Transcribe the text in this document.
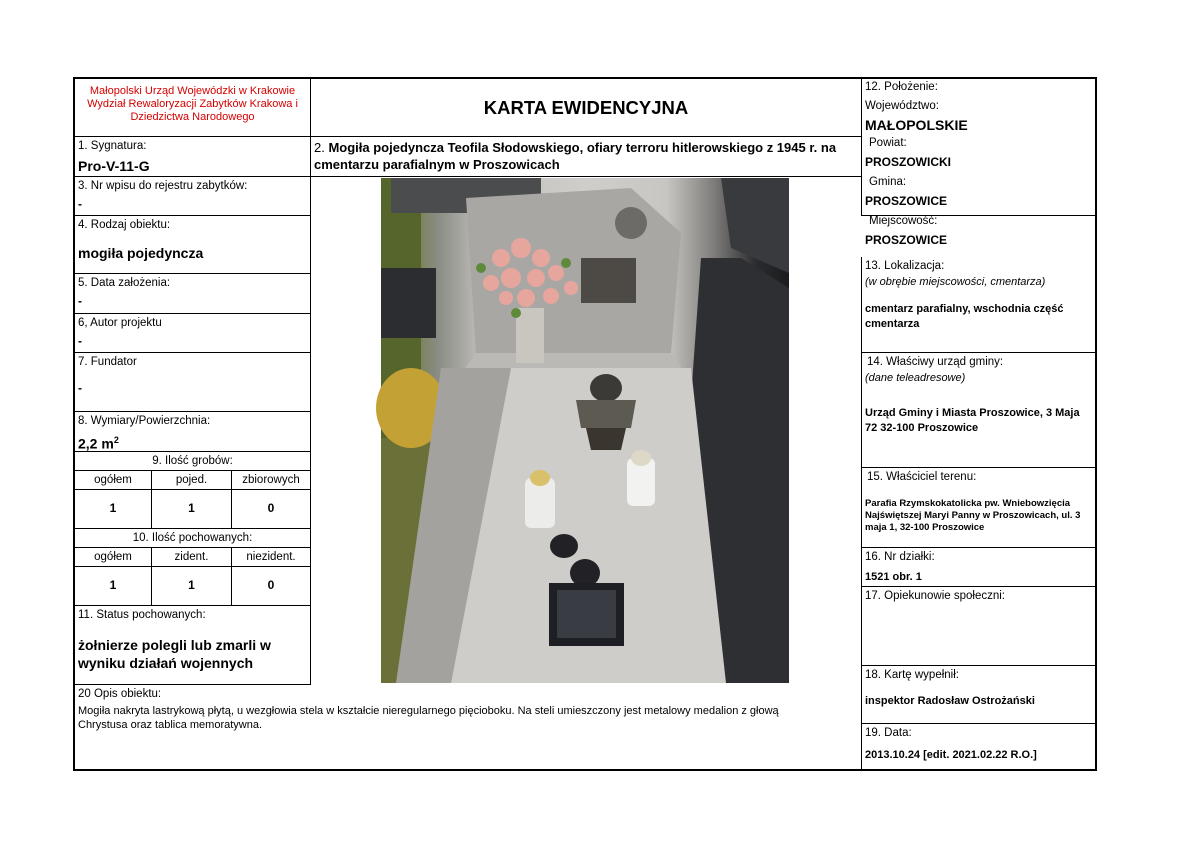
Małopolski Urząd Wojewódzki w Krakowie Wydział Rewaloryzacji Zabytków Krakowa i Dziedzictwa Narodowego
1. Sygnatura:
Pro-V-11-G
3. Nr wpisu do rejestru zabytków:
-
4. Rodzaj obiektu:
mogiła pojedyncza
5. Data założenia:
-
6, Autor projektu
-
7. Fundator
-
8. Wymiary/Powierzchnia:
2,2 $m^2$
9. Ilość grobów:
ogółem	pojed.	zbiorowych
1	1	0
10. Ilość pochowanych:
ogółem	zident.	niezident.
1	1	0
11. Status pochowanych:
żołnierze polegli lub zmarli w wyniku działań wojennych
KARTA EWIDENCYJNA
2. Mogiła pojedyncza Teofila Słodowskiego, ofiary terroru hitlerowskiego z 1945 r. na cmentarzu parafialnym w Proszowicach
12. Położenie:
Województwo:
MAŁOPOLSKIE
Powiat:
PROSZOWICKI
Gmina:
PROSZOWICE
Miejscowość:
PROSZOWICE
13. Lokalizacja:
(w obrębie miejscowości, cmentarza)
cmentarz parafialny, wschodnia część cmentarza
14. Właściwy urząd gminy:
(dane teleadresowe)
Urząd Gminy i Miasta Proszowice, 3 Maja 72 32-100 Proszowice
15. Właściciel terenu:
Parafia Rzymskokatolicka pw. Wniebowzięcia Najświętszej Maryi Panny w Proszowicach, ul. 3 maja 1, 32-100 Proszowice
16. Nr działki:
1521 obr. 1
17. Opiekunowie społeczni:
18. Kartę wypełnił:
inspektor Radosław Ostrożański
19. Data:
2013.10.24 [edit. 2021.02.22 R.O.]
20 Opis obiektu:
Mogiła nakryta lastrykową płytą, u wezgłowia stela w kształcie nieregularnego pięcioboku. Na steli umieszczony jest metalowy medalion z głową Chrystusa oraz tablica memoratywna.
